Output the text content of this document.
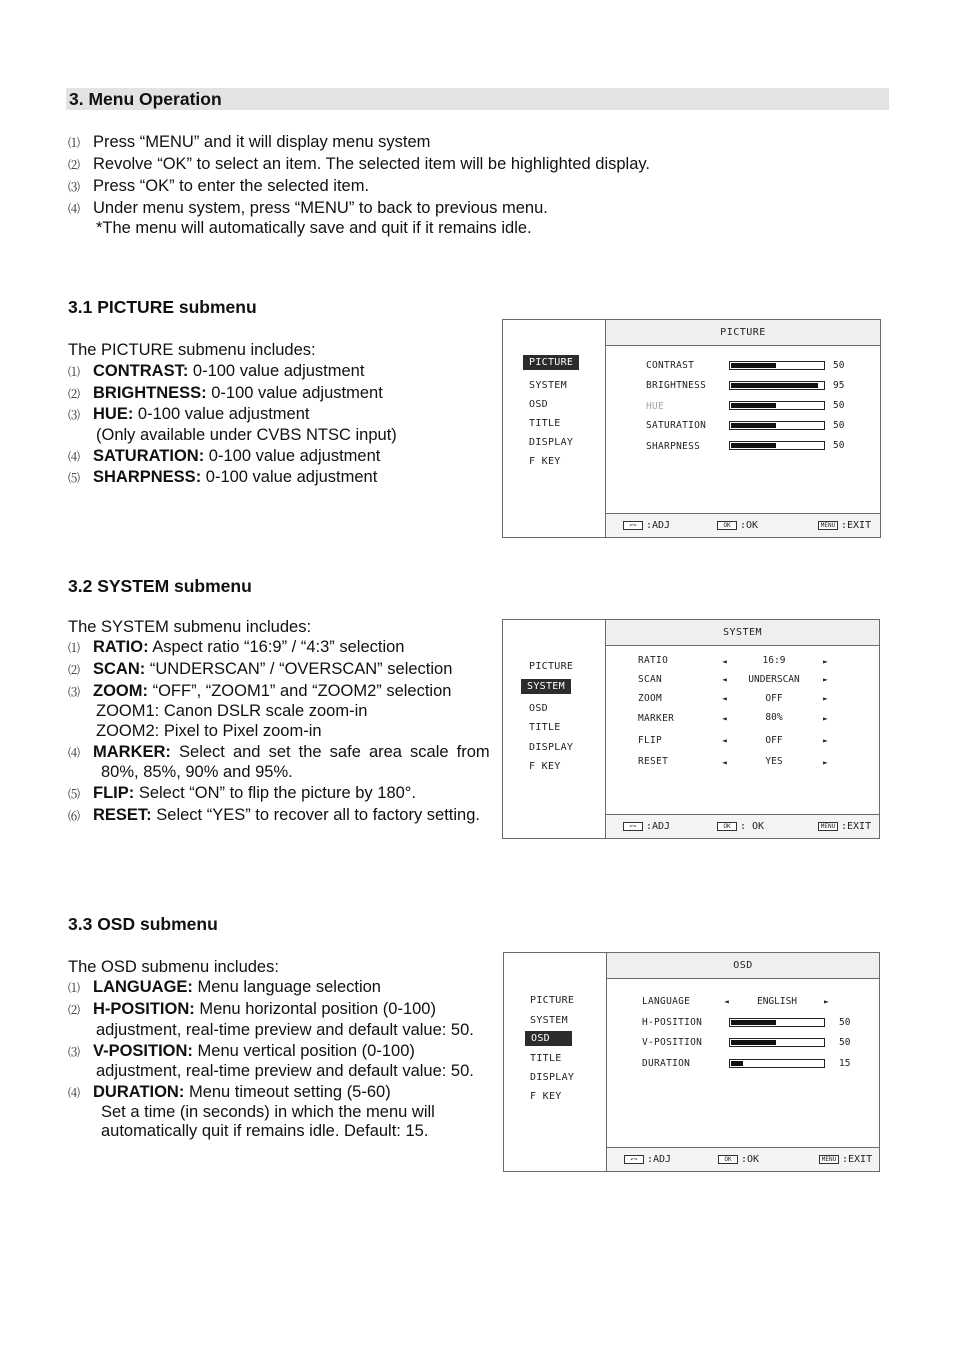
3. Menu Operation
⑴ Press “MENU” and it will display menu system
⑵ Revolve “OK” to select an item. The selected item will be highlighted display.
⑶ Press “OK” to enter the selected item.
⑷ Under menu system, press “MENU” to back to previous menu.
*The menu will automatically save and quit if it remains idle.
3.1 PICTURE submenu
The PICTURE submenu includes:
⑴ CONTRAST: 0-100 value adjustment
⑵ BRIGHTNESS: 0-100 value adjustment
⑶ HUE: 0-100 value adjustment
(Only available under CVBS NTSC input)
⑷ SATURATION: 0-100 value adjustment
⑸ SHARPNESS: 0-100 value adjustment
PICTURE
SYSTEM
OSD
TITLE
DISPLAY
F KEY
PICTURE
CONTRAST	50
BRIGHTNESS	95
HUE	50
SATURATION	50
SHARPNESS	50
↶↷ :ADJ	OK :OK	MENU :EXIT
3.2 SYSTEM submenu
The SYSTEM submenu includes:
⑴ RATIO: Aspect ratio “16:9” / “4:3” selection
⑵ SCAN: “UNDERSCAN” / “OVERSCAN” selection
⑶ ZOOM: “OFF”, “ZOOM1” and “ZOOM2” selection
ZOOM1: Canon DSLR scale zoom-in
ZOOM2: Pixel to Pixel zoom-in
⑷ MARKER: Select and set the safe area scale from
80%, 85%, 90% and 95%.
⑸ FLIP: Select “ON” to flip the picture by 180°.
⑹ RESET: Select “YES” to recover all to factory setting.
PICTURE
SYSTEM
OSD
TITLE
DISPLAY
F KEY
SYSTEM
RATIO	◄	16:9	►
SCAN	◄	UNDERSCAN	►
ZOOM	◄	OFF	►
MARKER	◄	80%	►
FLIP	◄	OFF	►
RESET	◄	YES	►
↶↷ :ADJ	OK : OK	MENU :EXIT
3.3 OSD submenu
The OSD submenu includes:
⑴ LANGUAGE: Menu language selection
⑵ H-POSITION: Menu horizontal position (0-100)
adjustment, real-time preview and default value: 50.
⑶ V-POSITION: Menu vertical position (0-100)
adjustment, real-time preview and default value: 50.
⑷ DURATION: Menu timeout setting (5-60)
Set a time (in seconds) in which the menu will
automatically quit if remains idle. Default: 15.
PICTURE
SYSTEM
OSD
TITLE
DISPLAY
F KEY
OSD
LANGUAGE	◄	ENGLISH	►
H-POSITION	50
V-POSITION	50
DURATION	15
↶↷ :ADJ	OK :OK	MENU :EXIT
